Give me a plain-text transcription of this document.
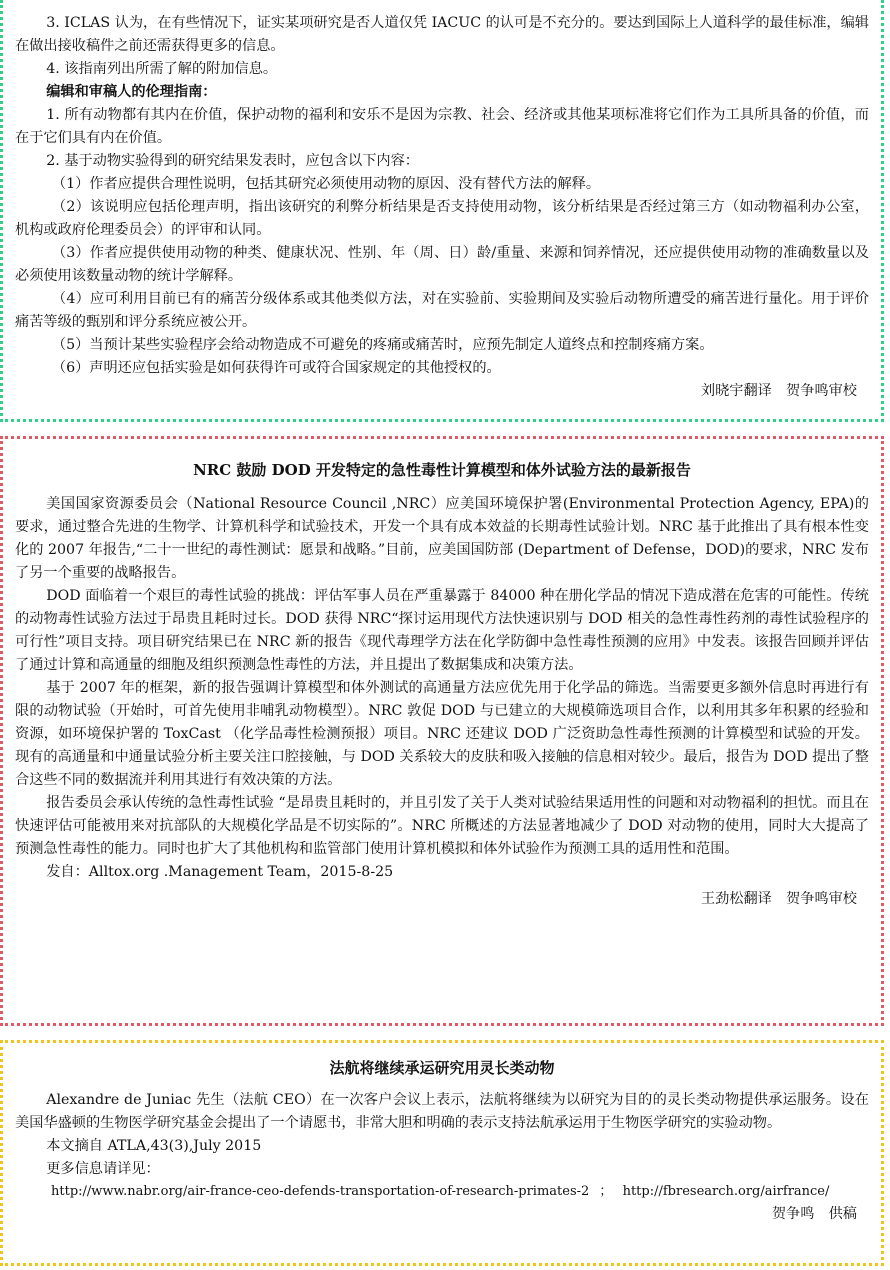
3. ICLAS 认为，在有些情况下，证实某项研究是否人道仅凭 IACUC 的认可是不充分的。要达到国际上人道科学的最佳标准，编辑在做出接收稿件之前还需获得更多的信息。

4. 该指南列出所需了解的附加信息。

编辑和审稿人的伦理指南：

1. 所有动物都有其内在价值，保护动物的福利和安乐不是因为宗教、社会、经济或其他某项标准将它们作为工具所具备的价值，而在于它们具有内在价值。

2. 基于动物实验得到的研究结果发表时，应包含以下内容：

（1）作者应提供合理性说明，包括其研究必须使用动物的原因、没有替代方法的解释。

（2）该说明应包括伦理声明，指出该研究的利弊分析结果是否支持使用动物，该分析结果是否经过第三方（如动物福利办公室，机构或政府伦理委员会）的评审和认同。

（3）作者应提供使用动物的种类、健康状况、性别、年（周、日）龄/重量、来源和饲养情况，还应提供使用动物的准确数量以及必须使用该数量动物的统计学解释。

（4）应可利用目前已有的痛苦分级体系或其他类似方法，对在实验前、实验期间及实验后动物所遭受的痛苦进行量化。用于评价痛苦等级的甄别和评分系统应被公开。

（5）当预计某些实验程序会给动物造成不可避免的疼痛或痛苦时，应预先制定人道终点和控制疼痛方案。

（6）声明还应包括实验是如何获得许可或符合国家规定的其他授权的。

刘晓宇翻译　贺争鸣审校

NRC 鼓励 DOD 开发特定的急性毒性计算模型和体外试验方法的最新报告

美国国家资源委员会（National Resource Council ,NRC）应美国环境保护署(Environmental Protection Agency, EPA)的要求，通过整合先进的生物学、计算机科学和试验技术，开发一个具有成本效益的长期毒性试验计划。NRC 基于此推出了具有根本性变化的 2007 年报告,“二十一世纪的毒性测试：愿景和战略。”目前，应美国国防部 (Department of Defense，DOD)的要求，NRC 发布了另一个重要的战略报告。

DOD 面临着一个艰巨的毒性试验的挑战：评估军事人员在严重暴露于 84000 种在册化学品的情况下造成潜在危害的可能性。传统的动物毒性试验方法过于昂贵且耗时过长。DOD 获得 NRC“探讨运用现代方法快速识别与 DOD 相关的急性毒性药剂的毒性试验程序的可行性”项目支持。项目研究结果已在 NRC 新的报告《现代毒理学方法在化学防御中急性毒性预测的应用》中发表。该报告回顾并评估了通过计算和高通量的细胞及组织预测急性毒性的方法，并且提出了数据集成和决策方法。

基于 2007 年的框架，新的报告强调计算模型和体外测试的高通量方法应优先用于化学品的筛选。当需要更多额外信息时再进行有限的动物试验（开始时，可首先使用非哺乳动物模型）。NRC 敦促 DOD 与已建立的大规模筛选项目合作，以利用其多年积累的经验和资源，如环境保护署的 ToxCast （化学品毒性检测预报）项目。NRC 还建议 DOD 广泛资助急性毒性预测的计算模型和试验的开发。现有的高通量和中通量试验分析主要关注口腔接触，与 DOD 关系较大的皮肤和吸入接触的信息相对较少。最后，报告为 DOD 提出了整合这些不同的数据流并利用其进行有效决策的方法。

报告委员会承认传统的急性毒性试验 “是昂贵且耗时的，并且引发了关于人类对试验结果适用性的问题和对动物福利的担忧。而且在快速评估可能被用来对抗部队的大规模化学品是不切实际的”。NRC 所概述的方法显著地减少了 DOD 对动物的使用，同时大大提高了预测急性毒性的能力。同时也扩大了其他机构和监管部门使用计算机模拟和体外试验作为预测工具的适用性和范围。

发自：Alltox.org .Management Team，2015-8-25

王劲松翻译　贺争鸣审校

法航将继续承运研究用灵长类动物

Alexandre de Juniac 先生（法航 CEO）在一次客户会议上表示，法航将继续为以研究为目的的灵长类动物提供承运服务。设在美国华盛顿的生物医学研究基金会提出了一个请愿书，非常大胆和明确的表示支持法航承运用于生物医学研究的实验动物。

本文摘自 ATLA,43(3),July 2015

更多信息请详见：

http://www.nabr.org/air-france-ceo-defends-transportation-of-research-primates-2 ； http://fbresearch.org/airfrance/

贺争鸣　供稿
